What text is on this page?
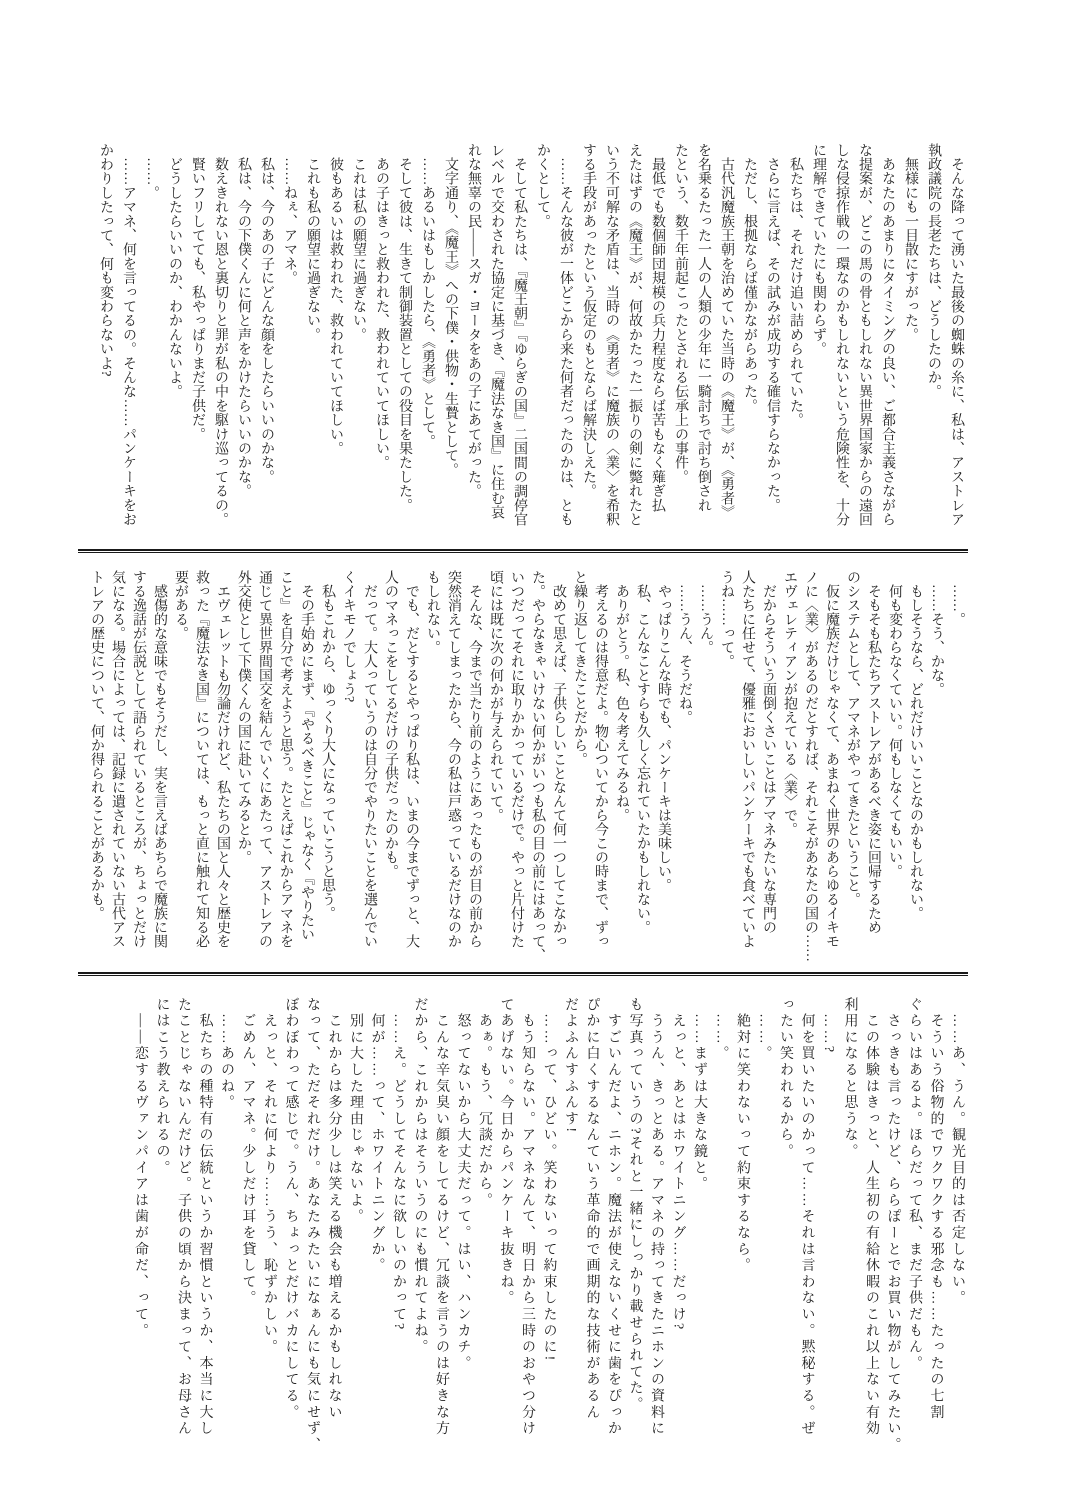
　そんな降って湧いた最後の蜘蛛の糸に、私は、アストレア
執政議院の長老たちは、どうしたのか。
　無様にも一目散にすがった。
　あなたのあまりにタイミングの良い、ご都合主義さながら
な提案が、どこの馬の骨ともしれない異世界国家からの遠回
しな侵掠作戦の一環なのかもしれないという危険性を、十分
に理解できていたにも関わらず。
　私たちは、それだけ追い詰められていた。
　さらに言えば、その試みが成功する確信すらなかった。
　ただし、根拠ならば僅かながらあった。
　古代汎魔族王朝を治めていた当時の《魔王》が、《勇者》
を名乗るたった一人の人類の少年に一騎討ちで討ち倒され
たという、数千年前起こったとされる伝承上の事件。
　最低でも数個師団規模の兵力程度ならば苦もなく薙ぎ払
えたはずの《魔王》が、何故かたった一振りの剣に斃れたと
いう不可解な矛盾は、当時の《勇者》に魔族の〈業〉を希釈
する手段があったという仮定のもとならば解決しえた。
　……そんな彼が一体どこから来た何者だったのかは、とも
かくとして。
　そして私たちは、『魔王朝』『ゆらぎの国』二国間の調停官
レベルで交わされた協定に基づき、『魔法なき国』に住む哀
れな無辜の民――スガ・ヨータをあの子にあてがった。
　文字通り、《魔王》への下僕・供物・生贄として。
　……あるいはもしかしたら、《勇者》として。
　そして彼は、生きて制御装置としての役目を果たした。
　あの子はきっと救われた、救われていてほしい。
　これは私の願望に過ぎない。
　彼もあるいは救われた、救われていてほしい。
　これも私の願望に過ぎない。
　……ねぇ、アマネ。
　私は、今のあの子にどんな顔をしたらいいのかな。
　私は、今の下僕くんに何と声をかけたらいいのかな。
　数えきれない恩と裏切りと罪が私の中を駆け巡ってるの。
　賢いフリしてても、私やっぱりまだ子供だ。
　どうしたらいいのか、わかんないよ。
　……。
　……アマネ、何を言ってるの。そんな……パンケーキをお
かわりしたって、何も変わらないよ?
　……。
　……そう、かな。
　もしそうなら、どれだけいいことなのかもしれない。
　何も変わらなくていい。何もしなくてもいい。
　そもそも私たちアストレアがあるべき姿に回帰するため
のシステムとして、アマネがやってきたということ。
　仮に魔族だけじゃなくて、あまねく世界のあらゆるイキモ
ノに〈業〉があるのだとすれば、それこそがあなたの国の……
エヴェレティアンが抱えている〈業〉で。
　だからそういう面倒くさいことはアマネみたいな専門の
人たちに任せて、優雅においしいパンケーキでも食べていよ
うね……って。
　……うん。
　……うん、そうだね。
　やっぱりこんな時でも、パンケーキは美味しい。
　私、こんなことすらも久しく忘れていたかもしれない。
　ありがとう。私、色々考えてみるね。
　考えるのは得意だよ。物心ついてから今この時まで、ずっ
と繰り返してきたことだから。
　改めて思えば、子供らしいことなんて何一つしてこなかっ
た。やらなきゃいけない何かがいつも私の目の前にはあって、
いつだってそれに取りかかっているだけで。やっと片付けた
頃には既に次の何かが与えられていて。
　そんな、今まで当たり前のようにあったものが目の前から
突然消えてしまったから、今の私は戸惑っているだけなのか
もしれない。
　でも、だとするとやっぱり私は、いまの今までずっと、大
人のマネっこをしてるだけの子供だったのかも。
　だって。大人っていうのは自分でやりたいことを選んでい
くイキモノでしょう?
　私もこれから、ゆっくり大人になっていこうと思う。
　その手始めにまず、『やるべきこと』じゃなく『やりたい
こと』を自分で考えようと思う。たとえばこれからアマネを
通じて異世界間国交を結んでいくにあたって、アストレアの
外交使として下僕くんの国に赴いてみるとか。
　エヴェレットも勿論だけれど、私たちの国と人々と歴史を
救った『魔法なき国』については、もっと直に触れて知る必
要がある。
　感傷的な意味でもそうだし、実を言えばあちらで魔族に関
する逸話が伝説として語られているところが、ちょっとだけ
気になる。場合によっては、記録に遺されていない古代アス
トレアの歴史について、何か得られることがあるかも。
　……あ、うん。観光目的は否定しない。
　そういう俗物的でワクワクする邪念も……たったの七割
ぐらいはあるよ。ほらだって私、まだ子供だもん。
　さっきも言ったけど、ららぽーとでお買い物がしてみたい。
　この体験はきっと、人生初の有給休暇のこれ以上ない有効
利用になると思うな。
　……?
　何を買いたいのかって……それは言わない。黙秘する。ぜ
ったい笑われるから。
　……。
　絶対に笑わないって約束するなら。
　……。
　……まずは大きな鏡と。
　えっと、あとはホワイトニング……だっけ?
　ううん、きっとある。アマネの持ってきたニホンの資料に
も写真っていうの?それと一緒にしっかり載せられてた。
　すごいんだよ、ニホン。魔法が使えないくせに歯をぴっか
ぴかに白くするなんていう革命的で画期的な技術があるん
だよふんすふんす!
　……って、ひどい。笑わないって約束したのに!
　もう知らない。アマネなんて、明日から三時のおやつ分け
てあげない。今日からパンケーキ抜きね。
　あぁ。もう、冗談だから。
　怒ってないから大丈夫だって。はい、ハンカチ。
　こんな辛気臭い顔をしてるけど、冗談を言うのは好きな方
だから、これからはそういうのにも慣れてよね。
　……え。どうしてそんなに欲しいのかって?
　何が……って、ホワイトニングか。
　別に大した理由じゃないよ。
　これからは多分少しは笑える機会も増えるかもしれない
なって、ただそれだけ。あなたみたいになぁんにも気にせず、
ぼわぼわって感じで。うん、ちょっとだけバカにしてる。
　えっと、それに何より……うう、恥ずかしい。
　ごめん、アマネ。少しだけ耳を貸して。
　……あのね。
　私たちの種特有の伝統というか習慣というか、本当に大し
たことじゃないんだけど。子供の頃から決まって、お母さん
にはこう教えられるの。
　――恋するヴァンパイアは歯が命だ、って。
